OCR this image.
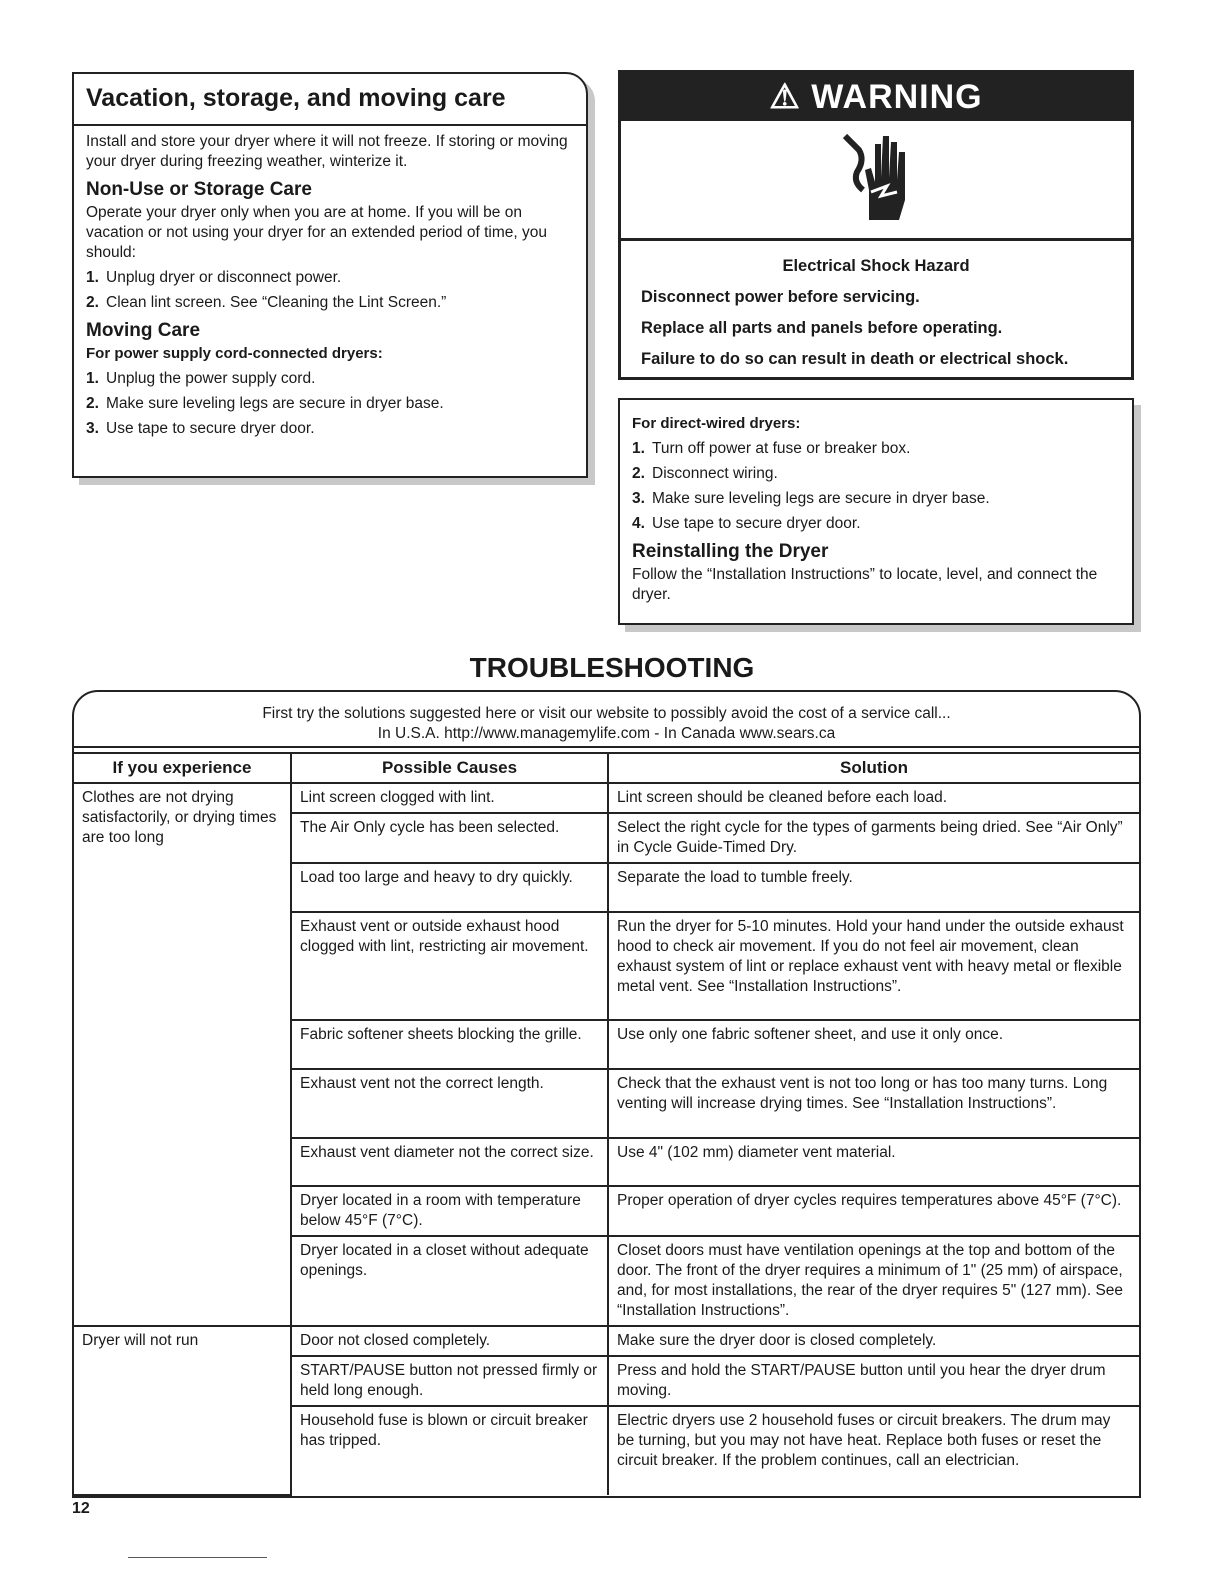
Vacation, storage, and moving care

Install and store your dryer where it will not freeze. If storing or moving your dryer during freezing weather, winterize it.

Non-Use or Storage Care

Operate your dryer only when you are at home. If you will be on vacation or not using your dryer for an extended period of time, you should:

1. Unplug dryer or disconnect power.
2. Clean lint screen. See “Cleaning the Lint Screen.”
Moving Care

For power supply cord-connected dryers:

1. Unplug the power supply cord.
2. Make sure leveling legs are secure in dryer base.
3. Use tape to secure dryer door.
⚠ WARNING
Electrical Shock Hazard
Disconnect power before servicing.
Replace all parts and panels before operating.
Failure to do so can result in death or electrical shock.

For direct-wired dryers:

1. Turn off power at fuse or breaker box.
2. Disconnect wiring.
3. Make sure leveling legs are secure in dryer base.
4. Use tape to secure dryer door.
Reinstalling the Dryer

Follow the “Installation Instructions” to locate, level, and connect the dryer.

TROUBLESHOOTING
First try the solutions suggested here or visit our website to possibly avoid the cost of a service call...
In U.S.A. http://www.managemylife.com - In Canada www.sears.ca
If you experience	Possible Causes	Solution
Clothes are not drying satisfactorily, or drying times are too long	Lint screen clogged with lint.	Lint screen should be cleaned before each load.
	The Air Only cycle has been selected.	Select the right cycle for the types of garments being dried. See “Air Only” in Cycle Guide-Timed Dry.
	Load too large and heavy to dry quickly.	Separate the load to tumble freely.
	Exhaust vent or outside exhaust hood clogged with lint, restricting air movement.	Run the dryer for 5-10 minutes. Hold your hand under the outside exhaust hood to check air movement. If you do not feel air movement, clean exhaust system of lint or replace exhaust vent with heavy metal or flexible metal vent. See “Installation Instructions”.
	Fabric softener sheets blocking the grille.	Use only one fabric softener sheet, and use it only once.
	Exhaust vent not the correct length.	Check that the exhaust vent is not too long or has too many turns. Long venting will increase drying times. See “Installation Instructions”.
	Exhaust vent diameter not the correct size.	Use 4" (102 mm) diameter vent material.
	Dryer located in a room with temperature below 45°F (7°C).	Proper operation of dryer cycles requires temperatures above 45°F (7°C).
	Dryer located in a closet without adequate openings.	Closet doors must have ventilation openings at the top and bottom of the door. The front of the dryer requires a minimum of 1" (25 mm) of airspace, and, for most installations, the rear of the dryer requires 5" (127 mm). See “Installation Instructions”.
Dryer will not run	Door not closed completely.	Make sure the dryer door is closed completely.
	START/PAUSE button not pressed firmly or held long enough.	Press and hold the START/PAUSE button until you hear the dryer drum moving.
	Household fuse is blown or circuit breaker has tripped.	Electric dryers use 2 household fuses or circuit breakers. The drum may be turning, but you may not have heat. Replace both fuses or reset the circuit breaker. If the problem continues, call an electrician.
12
